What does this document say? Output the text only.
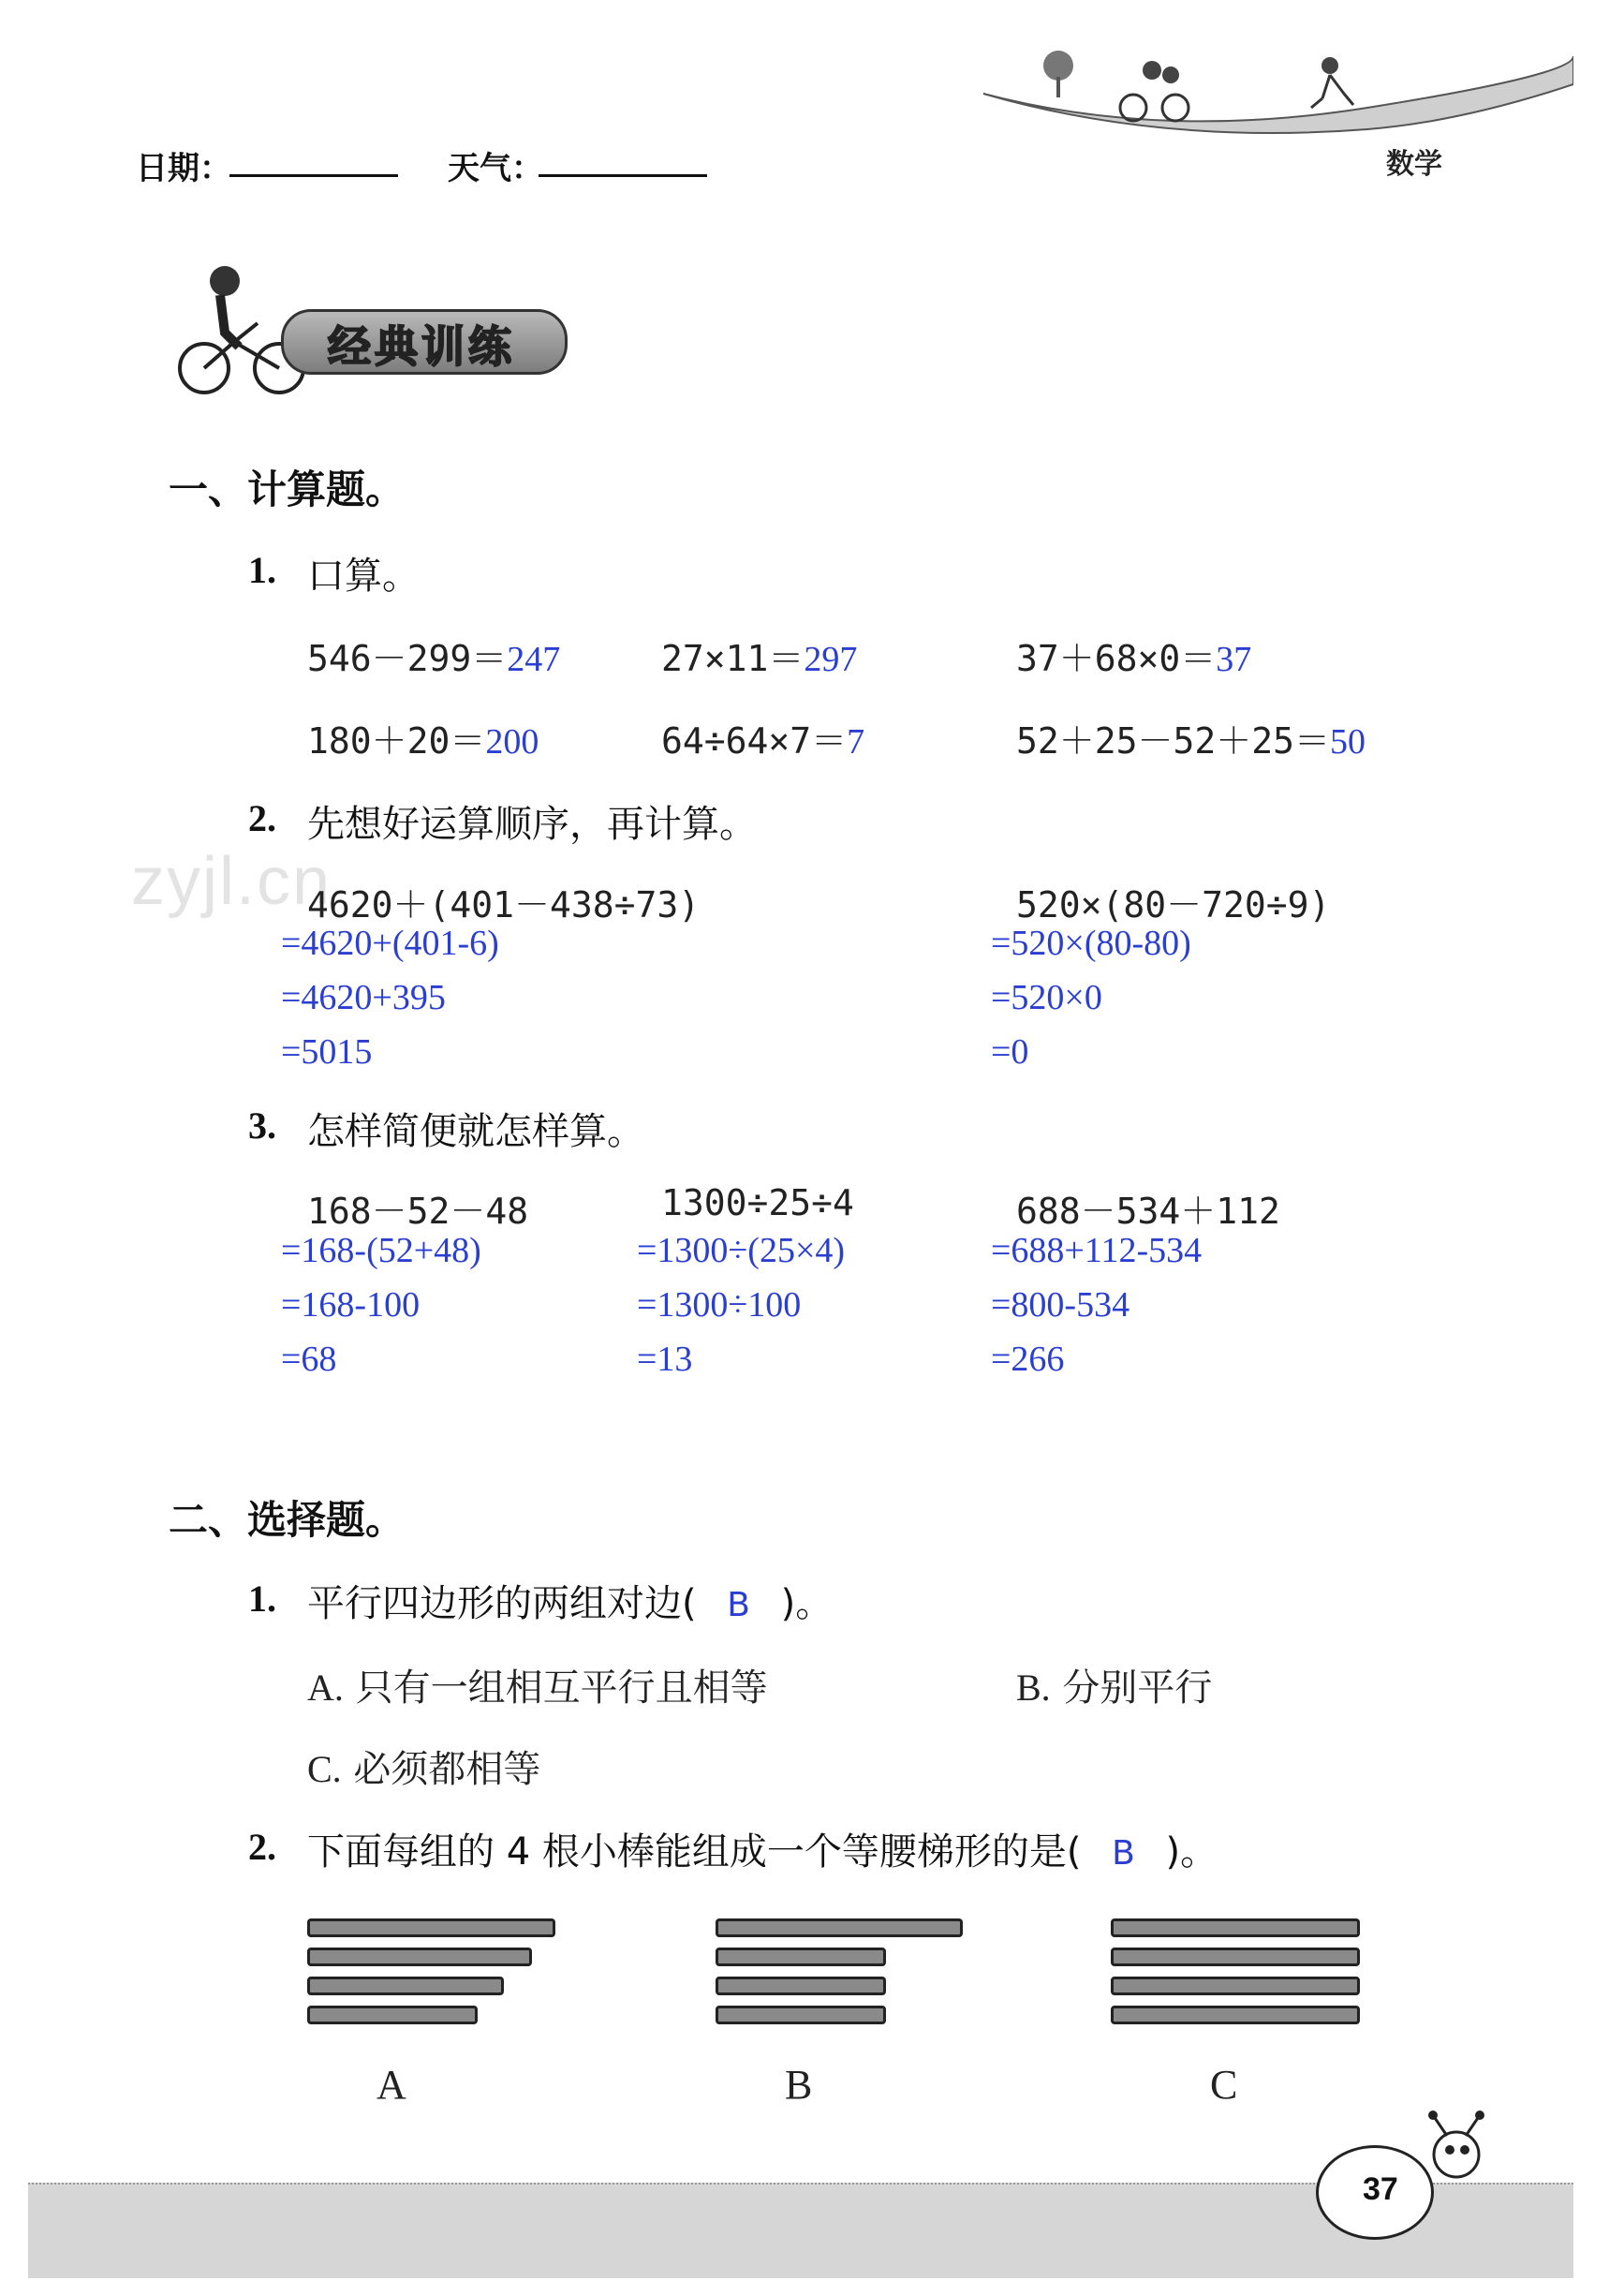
日期：	天气：	数学
经典训练
zyjl.cn
一、计算题。
1. 口算。
546－299＝247	27×11＝297	37＋68×0＝37
180＋20＝200	64÷64×7＝7	52＋25－52＋25＝50
2. 先想好运算顺序，再计算。
4620＋(401－438÷73)
=4620+(401-6)
=4620+395
=5015
520×(80－720÷9)
=520×(80-80)
=520×0
=0
3. 怎样简便就怎样算。
168－52－48
=168-(52+48)
=168-100
=68
1300÷25÷4
=1300÷(25×4)
=1300÷100
=13
688－534＋112
=688+112-534
=800-534
=266
二、选择题。
1. 平行四边形的两组对边( B )。
A. 只有一组相互平行且相等	B. 分别平行
C. 必须都相等
2. 下面每组的 4 根小棒能组成一个等腰梯形的是( B )。
A	B	C
37
